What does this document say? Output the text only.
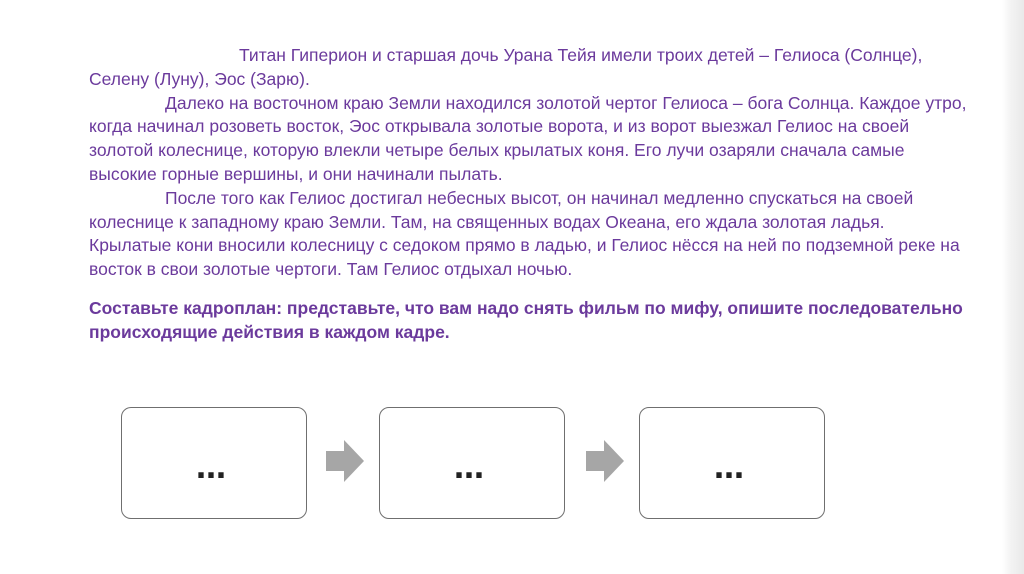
Титан Гиперион и старшая дочь Урана Тейя имели троих детей – Гелиоса (Солнце), Селену (Луну), Эос (Зарю).

Далеко на восточном краю Земли находился золотой чертог Гелиоса – бога Солнца. Каждое утро, когда начинал розоветь восток, Эос открывала золотые ворота, и из ворот выезжал Гелиос на своей золотой колеснице, которую влекли четыре белых крылатых коня. Его лучи озаряли сначала самые высокие горные вершины, и они начинали пылать.

После того как Гелиос достигал небесных высот, он начинал медленно спускаться на своей колеснице к западному краю Земли. Там, на священных водах Океана, его ждала золотая ладья. Крылатые кони вносили колесницу с седоком прямо в ладью, и Гелиос нёсся на ней по подземной реке на восток в свои золотые чертоги. Там Гелиос отдыхал ночью.

Составьте кадроплан: представьте, что вам надо снять фильм по мифу, опишите последовательно происходящие действия в каждом кадре.
…	…	…
